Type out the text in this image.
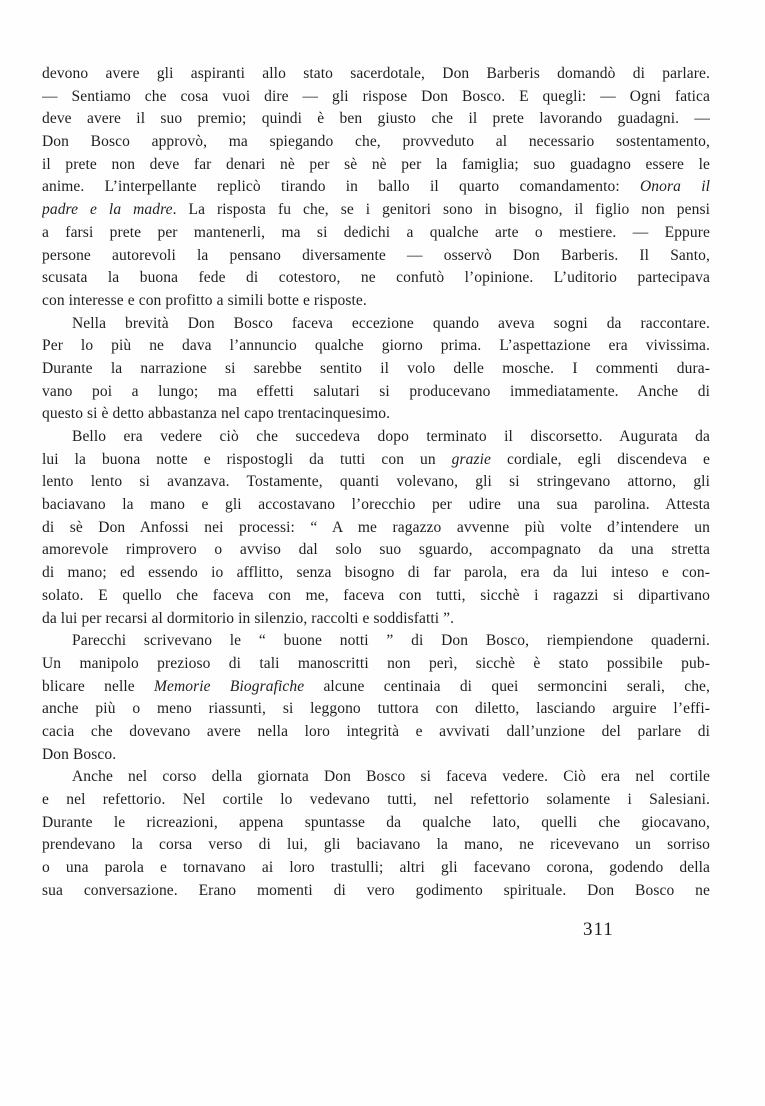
devono avere gli aspiranti allo stato sacerdotale, Don Barberis domandò di parlare.
— Sentiamo che cosa vuoi dire — gli rispose Don Bosco. E quegli: — Ogni fatica
deve avere il suo premio; quindi è ben giusto che il prete lavorando guadagni. —
Don Bosco approvò, ma spiegando che, provveduto al necessario sostentamento,
il prete non deve far denari nè per sè nè per la famiglia; suo guadagno essere le
anime. L’interpellante replicò tirando in ballo il quarto comandamento: Onora il
padre e la madre. La risposta fu che, se i genitori sono in bisogno, il figlio non pensi
a farsi prete per mantenerli, ma si dedichi a qualche arte o mestiere. — Eppure
persone autorevoli la pensano diversamente — osservò Don Barberis. Il Santo,
scusata la buona fede di cotestoro, ne confutò l’opinione. L’uditorio partecipava
con interesse e con profitto a simili botte e risposte.
Nella brevità Don Bosco faceva eccezione quando aveva sogni da raccontare.
Per lo più ne dava l’annuncio qualche giorno prima. L’aspettazione era vivissima.
Durante la narrazione si sarebbe sentito il volo delle mosche. I commenti dura-
vano poi a lungo; ma effetti salutari si producevano immediatamente. Anche di
questo si è detto abbastanza nel capo trentacinquesimo.
Bello era vedere ciò che succedeva dopo terminato il discorsetto. Augurata da
lui la buona notte e rispostogli da tutti con un grazie cordiale, egli discendeva e
lento lento si avanzava. Tostamente, quanti volevano, gli si stringevano attorno, gli
baciavano la mano e gli accostavano l’orecchio per udire una sua parolina. Attesta
di sè Don Anfossi nei processi: “ A me ragazzo avvenne più volte d’intendere un
amorevole rimprovero o avviso dal solo suo sguardo, accompagnato da una stretta
di mano; ed essendo io afflitto, senza bisogno di far parola, era da lui inteso e con-
solato. E quello che faceva con me, faceva con tutti, sicchè i ragazzi si dipartivano
da lui per recarsi al dormitorio in silenzio, raccolti e soddisfatti ”.
Parecchi scrivevano le “ buone notti ” di Don Bosco, riempiendone quaderni.
Un manipolo prezioso di tali manoscritti non perì, sicchè è stato possibile pub-
blicare nelle Memorie Biografiche alcune centinaia di quei sermoncini serali, che,
anche più o meno riassunti, si leggono tuttora con diletto, lasciando arguire l’effi-
cacia che dovevano avere nella loro integrità e avvivati dall’unzione del parlare di
Don Bosco.
Anche nel corso della giornata Don Bosco si faceva vedere. Ciò era nel cortile
e nel refettorio. Nel cortile lo vedevano tutti, nel refettorio solamente i Salesiani.
Durante le ricreazioni, appena spuntasse da qualche lato, quelli che giocavano,
prendevano la corsa verso di lui, gli baciavano la mano, ne ricevevano un sorriso
o una parola e tornavano ai loro trastulli; altri gli facevano corona, godendo della
sua conversazione. Erano momenti di vero godimento spirituale. Don Bosco ne
311
